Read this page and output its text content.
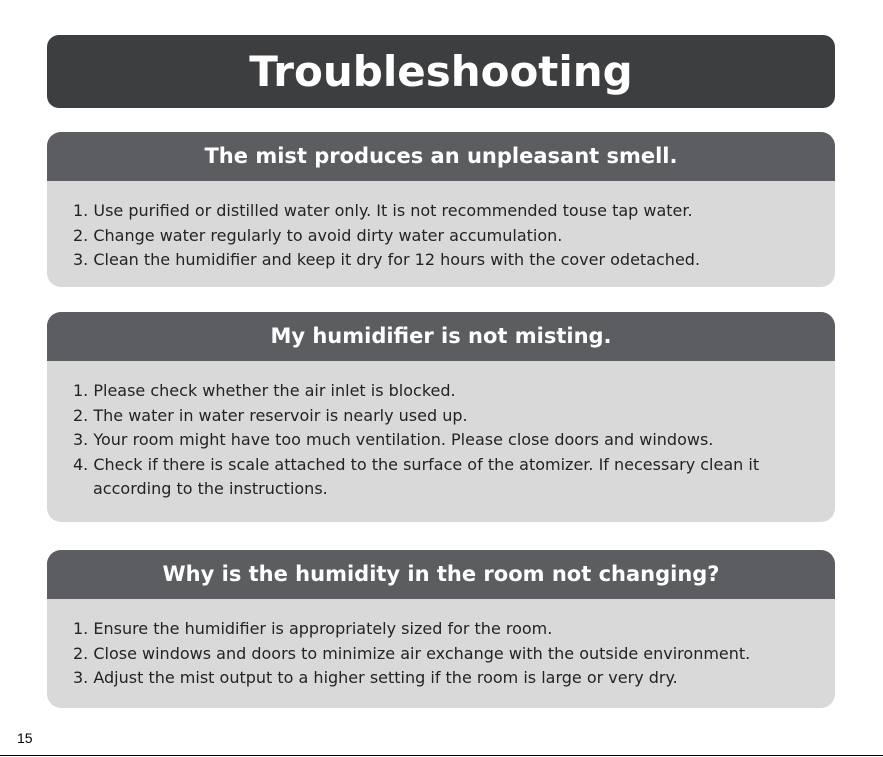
Troubleshooting
The mist produces an unpleasant smell.
1. Use purified or distilled water only. It is not recommended touse tap water.
2. Change water regularly to avoid dirty water accumulation.
3. Clean the humidifier and keep it dry for 12 hours with the cover odetached.
My humidifier is not misting.
1. Please check whether the air inlet is blocked.
2. The water in water reservoir is nearly used up.
3. Your room might have too much ventilation. Please close doors and windows.
4. Check if there is scale attached to the surface of the atomizer. If necessary clean it according to the instructions.
Why is the humidity in the room not changing?
1. Ensure the humidifier is appropriately sized for the room.
2. Close windows and doors to minimize air exchange with the outside environment.
3. Adjust the mist output to a higher setting if the room is large or very dry.
15
